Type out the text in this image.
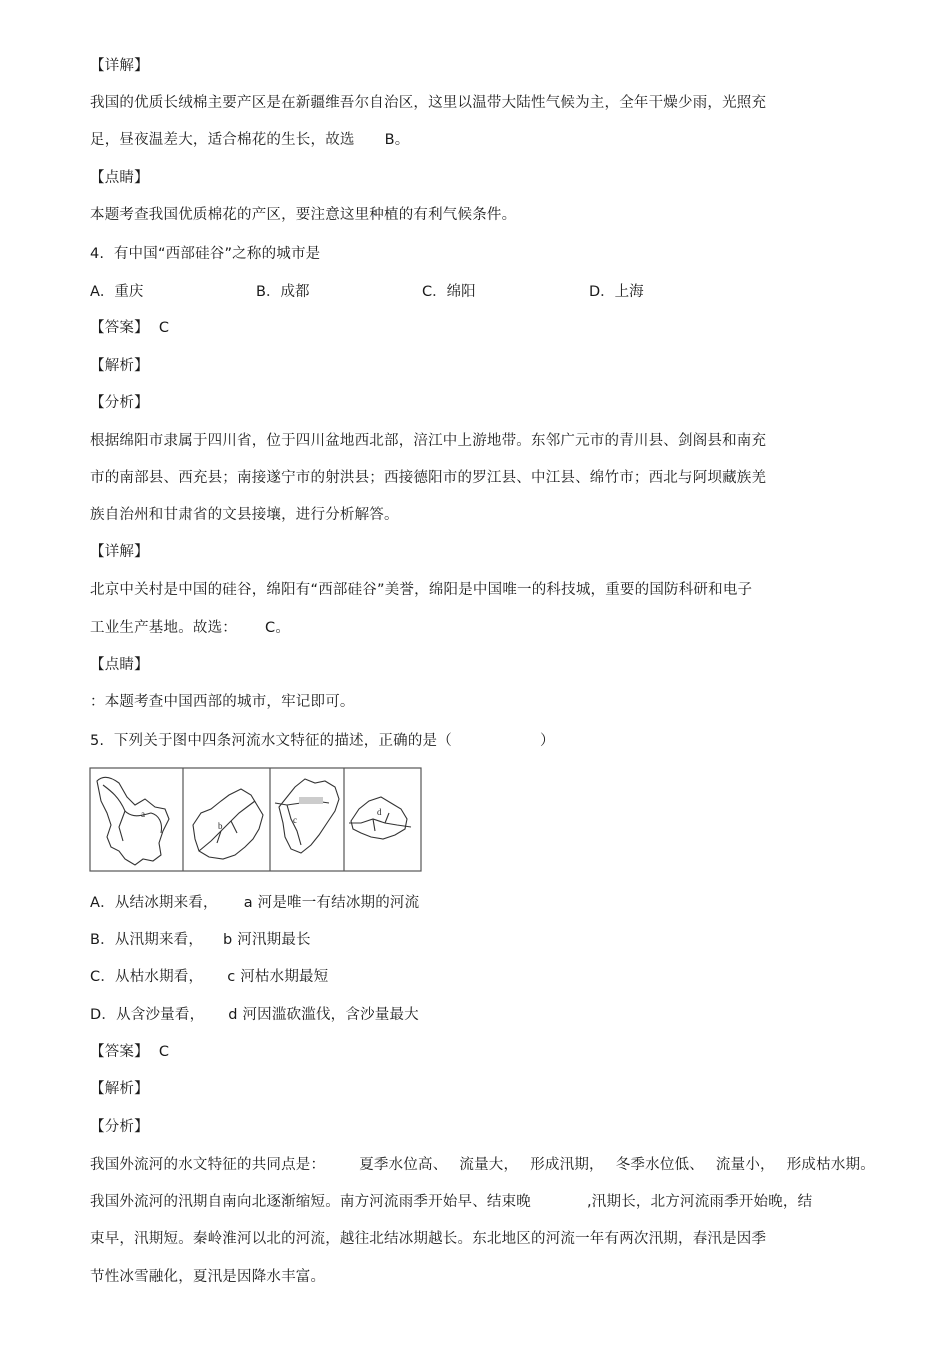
【详解】
我国的优质长绒棉主要产区是在新疆维吾尔自治区，这里以温带大陆性气候为主，全年干燥少雨，光照充
足，昼夜温差大，适合棉花的生长，故选 B。
【点睛】
本题考查我国优质棉花的产区，要注意这里种植的有利气候条件。
4.  有中国“西部硅谷”之称的城市是
A．重庆	B．成都	C．绵阳	D．上海
【答案】 C
【解析】
【分析】
根据绵阳市隶属于四川省，位于四川盆地西北部，涪江中上游地带。东邻广元市的青川县、剑阁县和南充
市的南部县、西充县；南接遂宁市的射洪县；西接德阳市的罗江县、中江县、绵竹市；西北与阿坝藏族羌
族自治州和甘肃省的文县接壤，进行分析解答。
【详解】
北京中关村是中国的硅谷，绵阳有“西部硅谷”美誉，绵阳是中国唯一的科技城，重要的国防科研和电子
工业生产基地。故选： C。
【点睛】
：本题考查中国西部的城市，牢记即可。
5.  下列关于图中四条河流水文特征的描述，正确的是（	）
a
b
c
d
A．从结冰期来看， a 河是唯一有结冰期的河流
B．从汛期来看， b 河汛期最长
C．从枯水期看， c 河枯水期最短
D．从含沙量看， d 河因滥砍滥伐，含沙量最大
【答案】 C
【解析】
【分析】
我国外流河的水文特征的共同点是： 夏季水位高、 流量大， 形成汛期， 冬季水位低、 流量小， 形成枯水期。
我国外流河的汛期自南向北逐渐缩短。南方河流雨季开始早、结束晚	,汛期长，北方河流雨季开始晚，结
束早，汛期短。秦岭淮河以北的河流，越往北结冰期越长。东北地区的河流一年有两次汛期，春汛是因季
节性冰雪融化，夏汛是因降水丰富。
